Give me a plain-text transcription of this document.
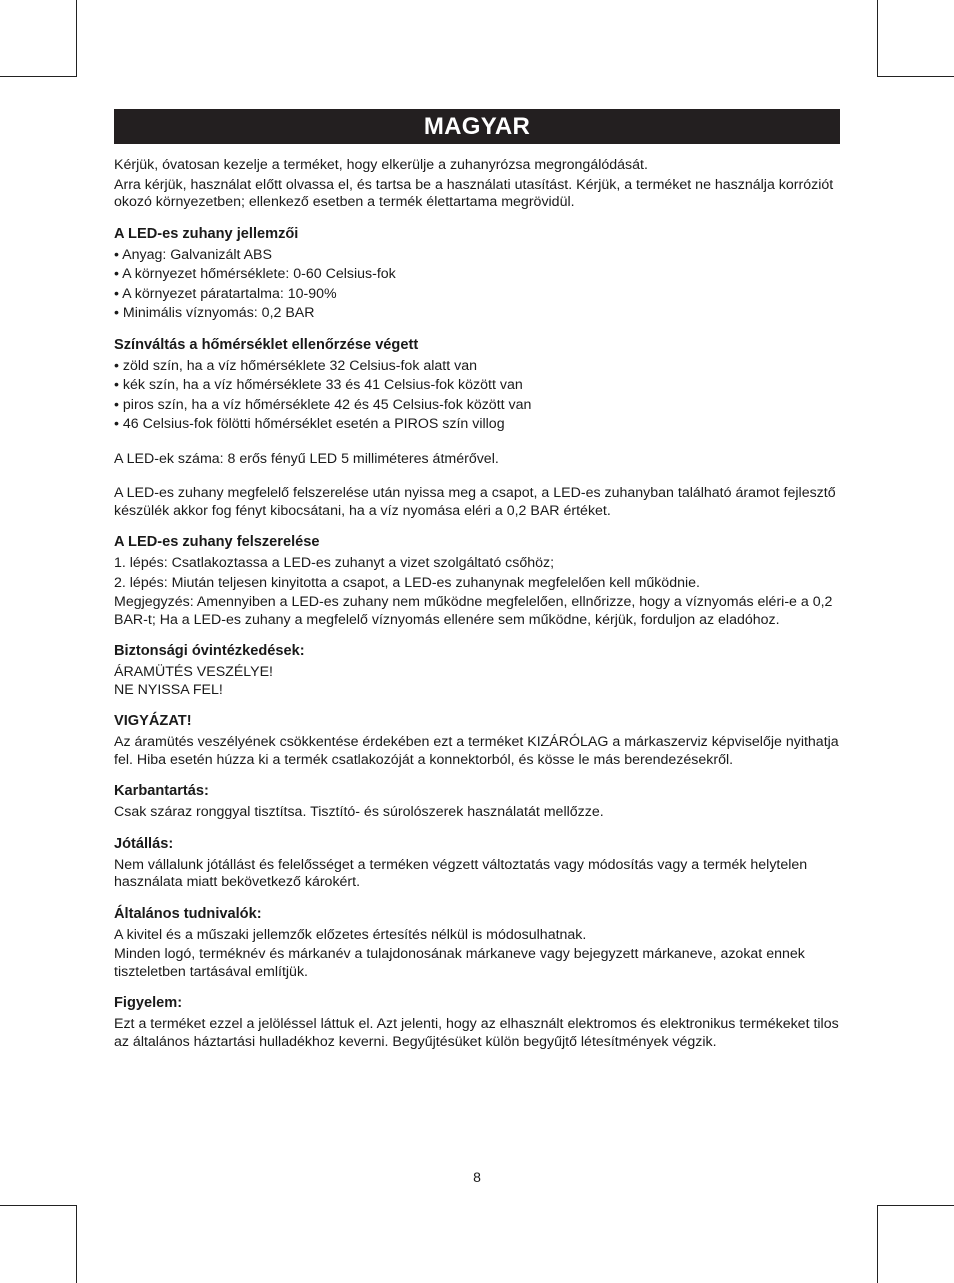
MAGYAR

Kérjük, óvatosan kezelje a terméket, hogy elkerülje a zuhanyrózsa megrongálódását.

Arra kérjük, használat előtt olvassa el, és tartsa be a használati utasítást. Kérjük, a terméket ne használja korróziót okozó környezetben; ellenkező esetben a termék élettartama megrövidül.

A LED-es zuhany jellemzői
• Anyag: Galvanizált ABS
• A környezet hőmérséklete: 0-60 Celsius-fok
• A környezet páratartalma: 10-90%
• Minimális víznyomás: 0,2 BAR
Színváltás a hőmérséklet ellenőrzése végett
• zöld szín, ha a víz hőmérséklete 32 Celsius-fok alatt van
• kék szín, ha a víz hőmérséklete 33 és 41 Celsius-fok között van
• piros szín, ha a víz hőmérséklete 42 és 45 Celsius-fok között van
• 46 Celsius-fok fölötti hőmérséklet esetén a PIROS szín villog

A LED-ek száma: 8 erős fényű LED 5 milliméteres átmérővel.

A LED-es zuhany megfelelő felszerelése után nyissa meg a csapot, a LED-es zuhanyban található áramot fejlesztő készülék akkor fog fényt kibocsátani, ha a víz nyomása eléri a 0,2 BAR értéket.

A LED-es zuhany felszerelése

1. lépés: Csatlakoztassa a LED-es zuhanyt a vizet szolgáltató csőhöz;

2. lépés: Miután teljesen kinyitotta a csapot, a LED-es zuhanynak megfelelően kell működnie.

Megjegyzés: Amennyiben a LED-es zuhany nem működne megfelelően, ellnőrizze, hogy a víznyomás eléri-e a 0,2 BAR-t; Ha a LED-es zuhany a megfelelő víznyomás ellenére sem működne, kérjük, forduljon az eladóhoz.

Biztonsági óvintézkedések:

ÁRAMÜTÉS VESZÉLYE!

NE NYISSA FEL!

VIGYÁZAT!

Az áramütés veszélyének csökkentése érdekében ezt a terméket KIZÁRÓLAG a márkaszerviz képviselője nyithatja fel. Hiba esetén húzza ki a termék csatlakozóját a konnektorból, és kösse le más berendezésekről.

Karbantartás:

Csak száraz ronggyal tisztítsa. Tisztító- és súrolószerek használatát mellőzze.

Jótállás:

Nem vállalunk jótállást és felelősséget a terméken végzett változtatás vagy módosítás vagy a termék helytelen használata miatt bekövetkező károkért.

Általános tudnivalók:

A kivitel és a műszaki jellemzők előzetes értesítés nélkül is módosulhatnak.

Minden logó, terméknév és márkanév a tulajdonosának márkaneve vagy bejegyzett márkaneve, azokat ennek tiszteletben tartásával említjük.

Figyelem:

Ezt a terméket ezzel a jelöléssel láttuk el. Azt jelenti, hogy az elhasznált elektromos és elektronikus termékeket tilos az általános háztartási hulladékhoz keverni. Begyűjtésüket külön begyűjtő létesítmények végzik.

8
